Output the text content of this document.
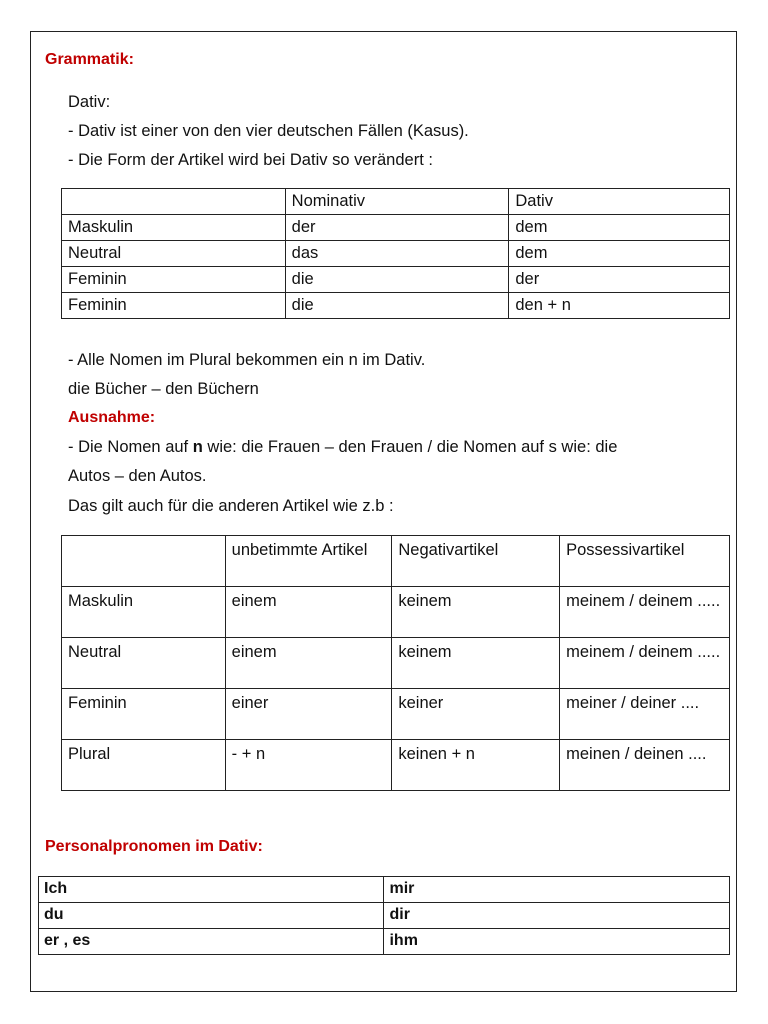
Grammatik:
Dativ:
- Dativ ist einer von den vier deutschen Fällen (Kasus).
- Die Form der Artikel wird bei Dativ so verändert :
	Nominativ	Dativ
Maskulin	der	dem
Neutral	das	dem
Feminin	die	der
Feminin	die	den + n
- Alle Nomen im Plural bekommen ein n im Dativ.
die Bücher – den Büchern
Ausnahme:
- Die Nomen auf n wie: die Frauen – den Frauen / die Nomen auf s wie: die
Autos – den Autos.
Das gilt auch für die anderen Artikel wie z.b :
	unbetimmte Artikel	Negativartikel	Possessivartikel
Maskulin	einem	keinem	meinem / deinem .....
Neutral	einem	keinem	meinem / deinem .....
Feminin	einer	keiner	meiner / deiner ....
Plural	- + n	keinen + n	meinen / deinen ....
Personalpronomen im Dativ:
Ich	mir
du	dir
er , es	ihm
